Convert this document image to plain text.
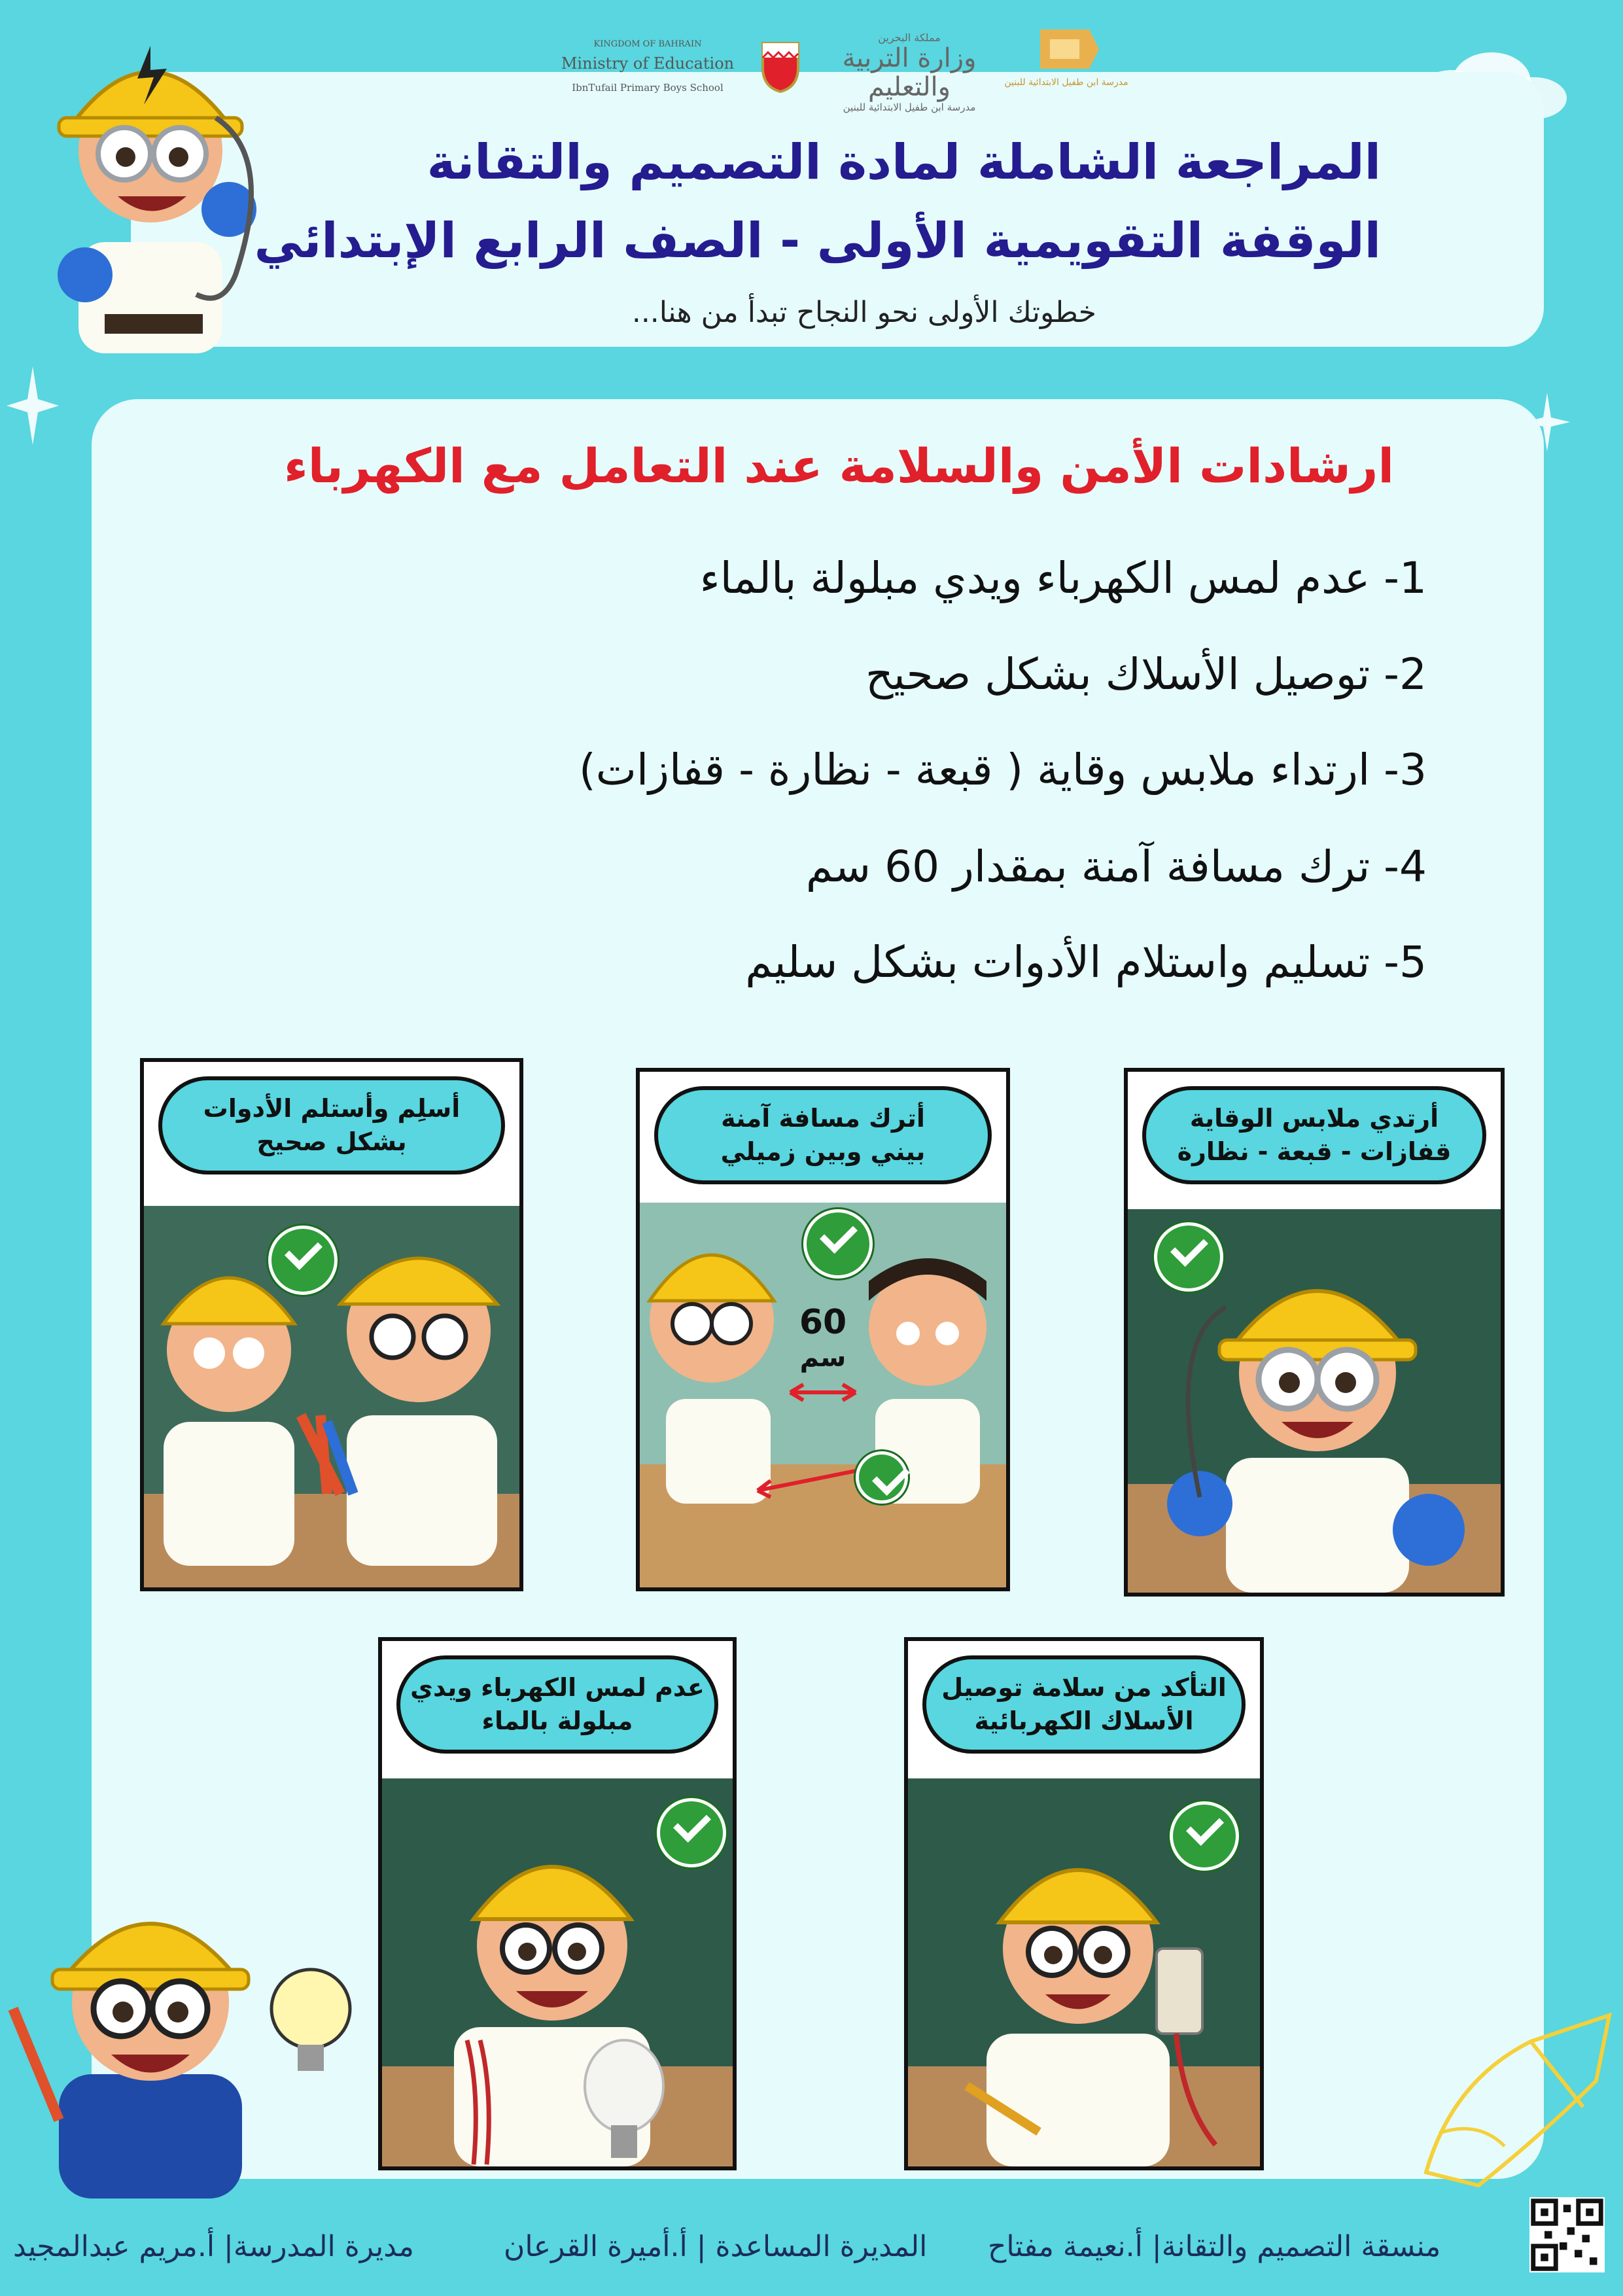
KINGDOM OF BAHRAIN
Ministry of Education
IbnTufail Primary Boys School
مملكة البحرين
وزارة التربية والتعليم
مدرسة ابن طفيل الابتدائية للبنين
مدرسة ابن طفيل الابتدائية للبنين
المراجعة الشاملة لمادة التصميم والتقانة
الوقفة التقويمية الأولى - الصف الرابع الإبتدائي
خطوتك الأولى نحو النجاح تبدأ من هنا...
ارشادات الأمن والسلامة عند التعامل مع الكهرباء
1- عدم لمس الكهرباء ويدي مبلولة بالماء
2- توصيل الأسلاك بشكل صحيح
3- ارتداء ملابس وقاية ( قبعة - نظارة - قفازات)
4- ترك مسافة آمنة بمقدار 60 سم
5- تسليم واستلام الأدوات بشكل سليم
أرتدي ملابس الوقاية
قفازات - قبعة - نظارة
أترك مسافة آمنة
بيني وبين زميلي
60
سم
أسلِم وأستلم الأدوات
بشكل صحيح
التأكد من سلامة توصيل
الأسلاك الكهربائية
عدم لمس الكهرباء ويدي
مبلولة بالماء
منسقة التصميم والتقانة| أ.نعيمة مفتاح
المديرة المساعدة | أ.أميرة القرعان
مديرة المدرسة| أ.مريم عبدالمجيد
